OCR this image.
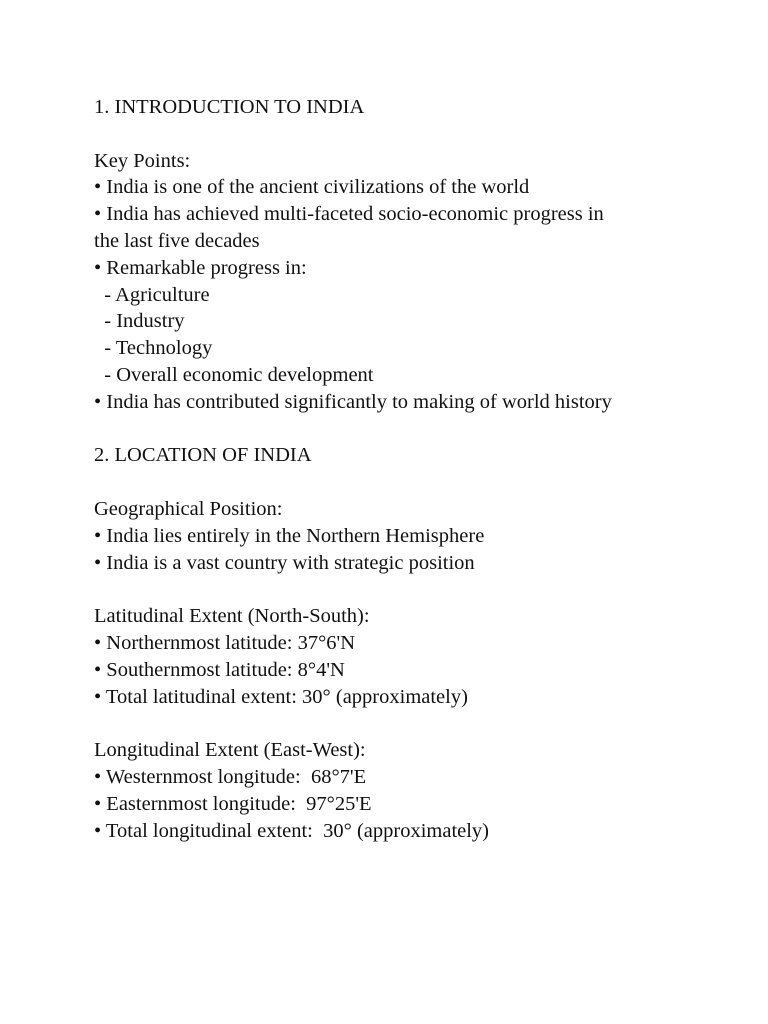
1. INTRODUCTION TO INDIA

Key Points:

• India is one of the ancient civilizations of the world

• India has achieved multi-faceted socio-economic progress in

the last five decades

• Remarkable progress in:

- Agriculture

- Industry

- Technology

- Overall economic development

• India has contributed significantly to making of world history

2. LOCATION OF INDIA

Geographical Position:

• India lies entirely in the Northern Hemisphere

• India is a vast country with strategic position

Latitudinal Extent (North-South):

• Northernmost latitude: 37°6'N

• Southernmost latitude: 8°4'N

• Total latitudinal extent: 30° (approximately)

Longitudinal Extent (East-West):

• Westernmost longitude:  68°7'E

• Easternmost longitude:  97°25'E

• Total longitudinal extent:  30° (approximately)
